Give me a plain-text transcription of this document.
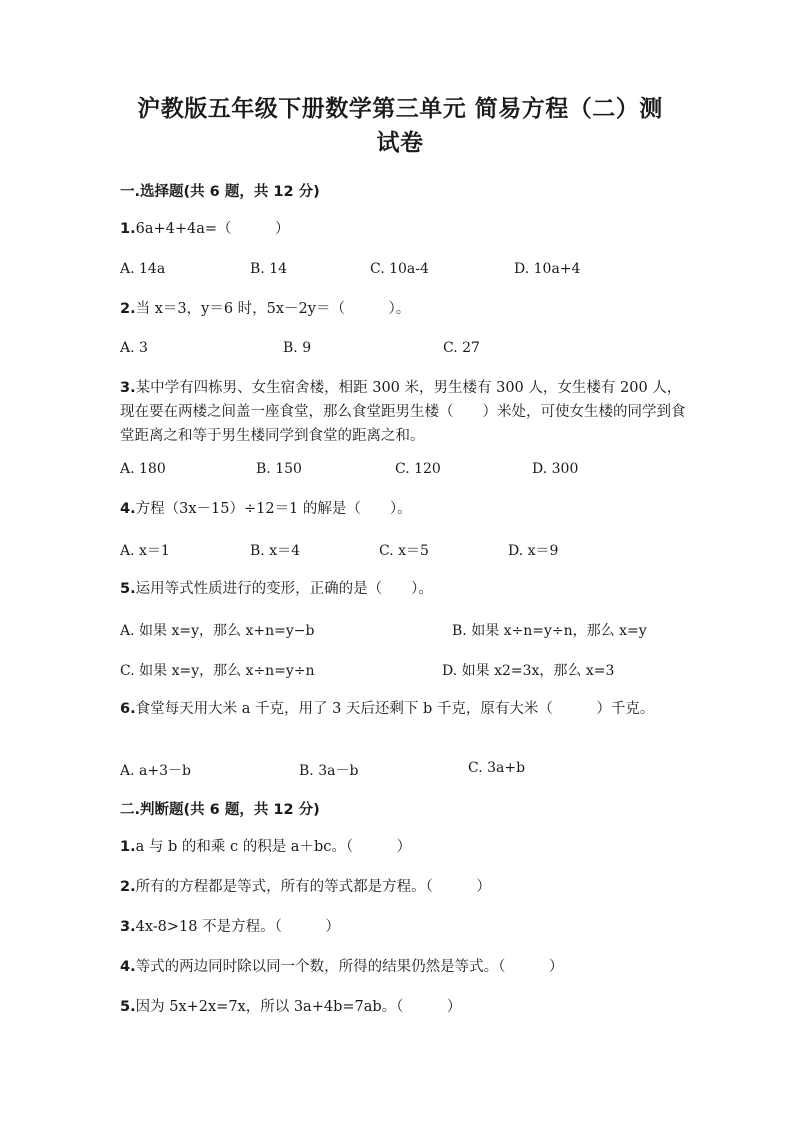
沪教版五年级下册数学第三单元 简易方程（二）测
试卷
一.选择题(共 6 题，共 12 分)
1 . 6a+4+4a=（　　　）
A. 14a	B. 14	C. 10a-4	D. 10a+4
2 . 当 x＝3，y＝6 时，5x－2y＝（　　　）。
A. 3	B. 9	C. 27
3 . 某中学有四栋男、女生宿舍楼，相距 300 米，男生楼有 300 人，女生楼有 200 人，现在要在两楼之间盖一座食堂，那么食堂距男生楼（　　）米处，可使女生楼的同学到食堂距离之和等于男生楼同学到食堂的距离之和。
A. 180	B. 150	C. 120	D. 300
4 . 方程（3x－15）÷12＝1 的解是（　　）。
A. x＝1	B. x＝4	C. x＝5	D. x＝9
5 . 运用等式性质进行的变形，正确的是（　　）。
A. 如果 x=y，那么 x+n=y−b	B. 如果 x÷n=y÷n，那么 x=y
C. 如果 x=y，那么 x÷n=y÷n	D. 如果 x2=3x，那么 x=3
6 . 食堂每天用大米 a 千克，用了 3 天后还剩下 b 千克，原有大米（　　　）千克。
A. a+3－b	B. 3a－b	C. 3a+b
二.判断题(共 6 题，共 12 分)
1 . a 与 b 的和乘 c 的积是 a＋bc。（　　　）
2 . 所有的方程都是等式，所有的等式都是方程。（　　　）
3 . 4x-8>18 不是方程。（　　　）
4 . 等式的两边同时除以同一个数，所得的结果仍然是等式。（　　　）
5 . 因为 5x+2x=7x，所以 3a+4b=7ab。（　　　）
